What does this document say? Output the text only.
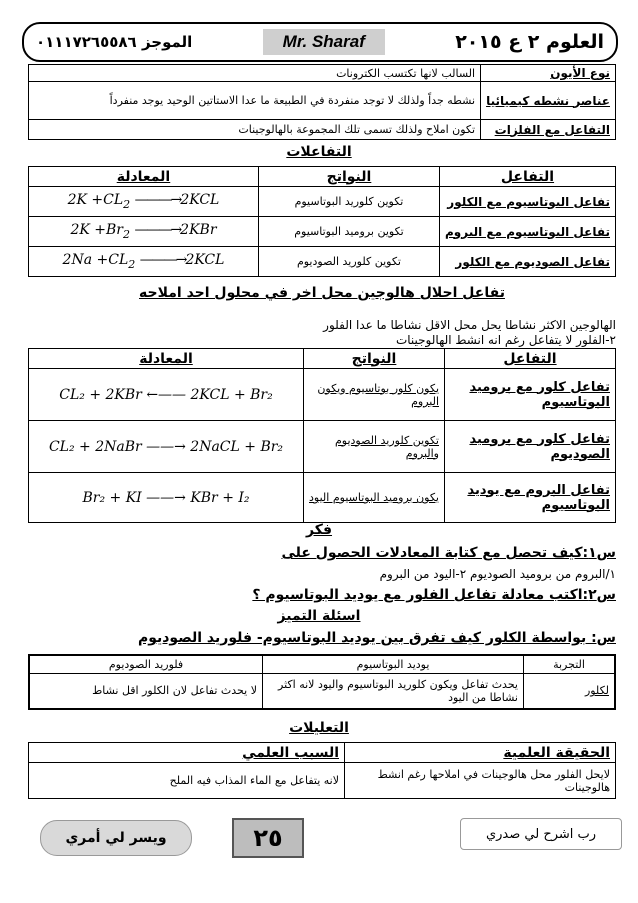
الموجز ٠١١١٧٢٦٥٥٨٦	Mr. Sharaf	العلوم ٢ ع ٢٠١٥
نوع الأيون	السالب لانها تكتسب الكترونات
عناصر نشطه كيميائيا	نشطه جداً ولذلك لا توجد منفردة في الطبيعة ما عدا الاستاتين الوحيد يوجد منفرداً
التفاعل مع الفلزات	تكون املاح ولذلك تسمى تلك المجموعة بالهالوجينات
التفاعلات
التفاعل	النواتج	المعادلة
تفاعل البوتاسيوم مع الكلور	تكوين كلوريد البوتاسيوم	$2K +CL_2$ ———→2KCL
تفاعل البوتاسيوم مع البروم	تكوين بروميد البوتاسيوم	$2K +Br_2$ ———→2KBr
تفاعل الصوديوم مع الكلور	تكوين كلوريد الصوديوم	$2Na +CL_2$ ———→2KCL
تفاعل احلال هالوجين محل اخر في محلول احد املاحه
الهالوجين الاكثر نشاطا يحل محل الاقل نشاطا ما عدا الفلور
٢-الفلور لا يتفاعل رغم انه انشط الهالوجينات
التفاعل	النواتج	المعادلة
تفاعل كلور مع بروميد البوتاسيوم	يكون كلور بوتاسيوم ويكون البروم	CL₂ + 2KBr ←—— 2KCL + Br₂
تفاعل كلور مع بروميد الصوديوم	تكوين كلوريد الصوديوم والبروم	CL₂ + 2NaBr ——→ 2NaCL + Br₂
تفاعل البروم مع يوديد البوتاسيوم	يكون بروميد البوتاسيوم اليود	Br₂ + KI ——→ KBr + I₂
فكر
س١:كيف تحصل مع كتابة المعادلات الحصول على
١/البروم من بروميد الصوديوم ٢-اليود من البروم
س٢:اكتب معادلة تفاعل الفلور مع يوديد البوتاسيوم ؟
اسئلة التميز
س: بواسطة الكلور كيف تفرق بين يوديد البوتاسيوم- فلوريد الصوديوم
التجربة	يوديد البوتاسيوم	فلوريد الصوديوم
لكلور	يحدث تفاعل ويكون كلوريد البوتاسيوم واليود لانه اكثر نشاطا من اليود	لا يحدث تفاعل لان الكلور اقل نشاط
التعليلات
الحقيقة العلمية	السبب العلمي
لايحل الفلور محل هالوجينات في املاحها رغم انشط هالوجينات	لانه يتفاعل مع الماء المذاب فيه الملح
ويسر لي أمري	٢٥	رب اشرح لي صدري
